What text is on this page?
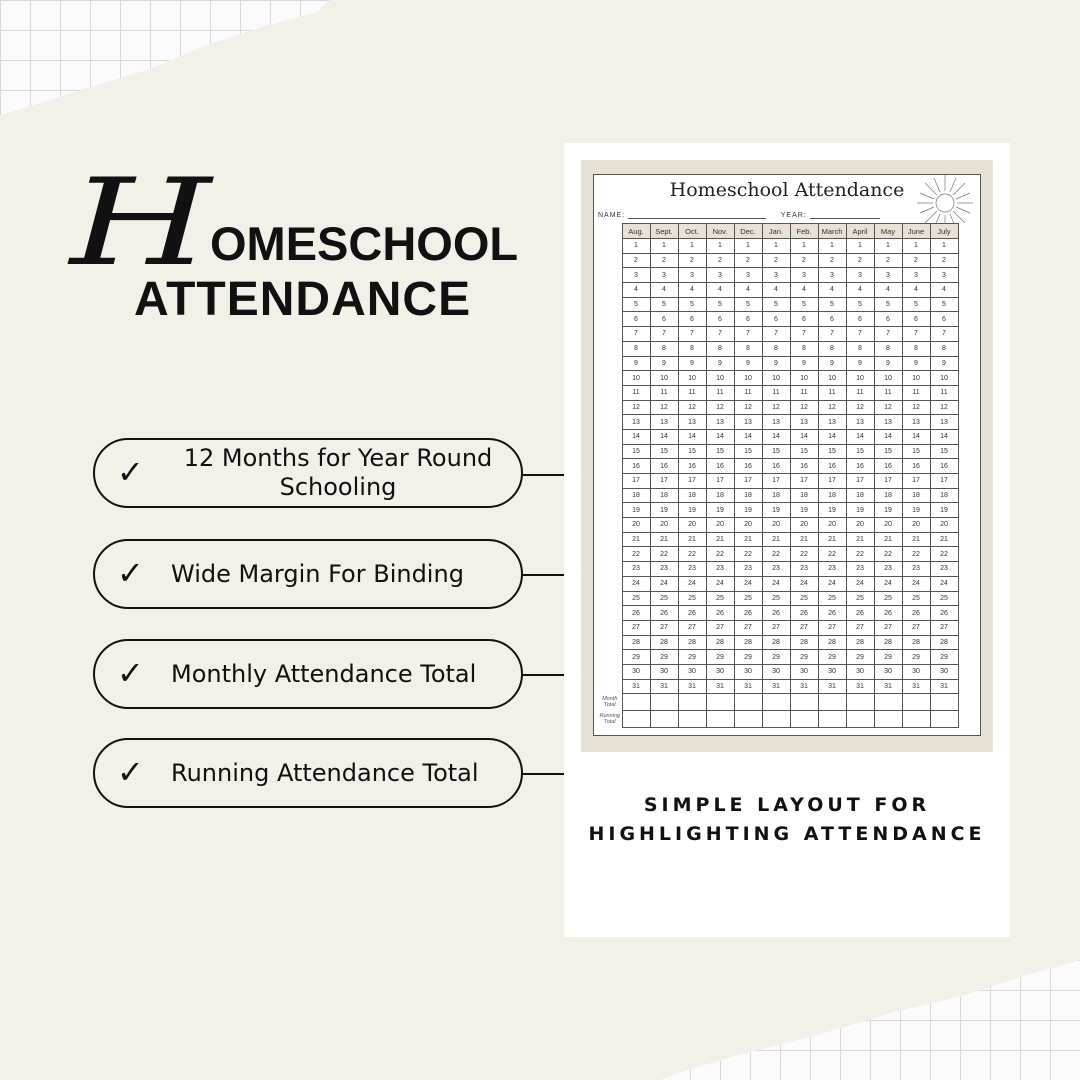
H
OMESCHOOL
ATTENDANCE
✓	12 Months for Year Round Schooling
✓ Wide Margin For Binding
✓ Monthly Attendance Total
✓ Running Attendance Total
Homeschool Attendance
NAME:	YEAR:
	Aug.	Sept.	Oct.	Nov.	Dec.	Jan.	Feb.	March	April	May	June	July
	1	1	1	1	1	1	1	1	1	1	1	1
	2	2	2	2	2	2	2	2	2	2	2	2
	3	3	3	3	3	3	3	3	3	3	3	3
	4	4	4	4	4	4	4	4	4	4	4	4
	5	5	5	5	5	5	5	5	5	5	5	5
	6	6	6	6	6	6	6	6	6	6	6	6
	7	7	7	7	7	7	7	7	7	7	7	7
	8	8	8	8	8	8	8	8	8	8	8	8
	9	9	9	9	9	9	9	9	9	9	9	9
	10	10	10	10	10	10	10	10	10	10	10	10
	11	11	11	11	11	11	11	11	11	11	11	11
	12	12	12	12	12	12	12	12	12	12	12	12
	13	13	13	13	13	13	13	13	13	13	13	13
	14	14	14	14	14	14	14	14	14	14	14	14
	15	15	15	15	15	15	15	15	15	15	15	15
	16	16	16	16	16	16	16	16	16	16	16	16
	17	17	17	17	17	17	17	17	17	17	17	17
	18	18	18	18	18	18	18	18	18	18	18	18
	19	19	19	19	19	19	19	19	19	19	19	19
	20	20	20	20	20	20	20	20	20	20	20	20
	21	21	21	21	21	21	21	21	21	21	21	21
	22	22	22	22	22	22	22	22	22	22	22	22
	23	23	23	23	23	23	23	23	23	23	23	23
	24	24	24	24	24	24	24	24	24	24	24	24
	25	25	25	25	25	25	25	25	25	25	25	25
	26	26	26	26	26	26	26	26	26	26	26	26
	27	27	27	27	27	27	27	27	27	27	27	27
	28	28	28	28	28	28	28	28	28	28	28	28
	29	29	29	29	29	29	29	29	29	29	29	29
	30	30	30	30	30	30	30	30	30	30	30	30
	31	31	31	31	31	31	31	31	31	31	31	31
Month Total												
Running Total												
SIMPLE LAYOUT FOR HIGHLIGHTING ATTENDANCE
